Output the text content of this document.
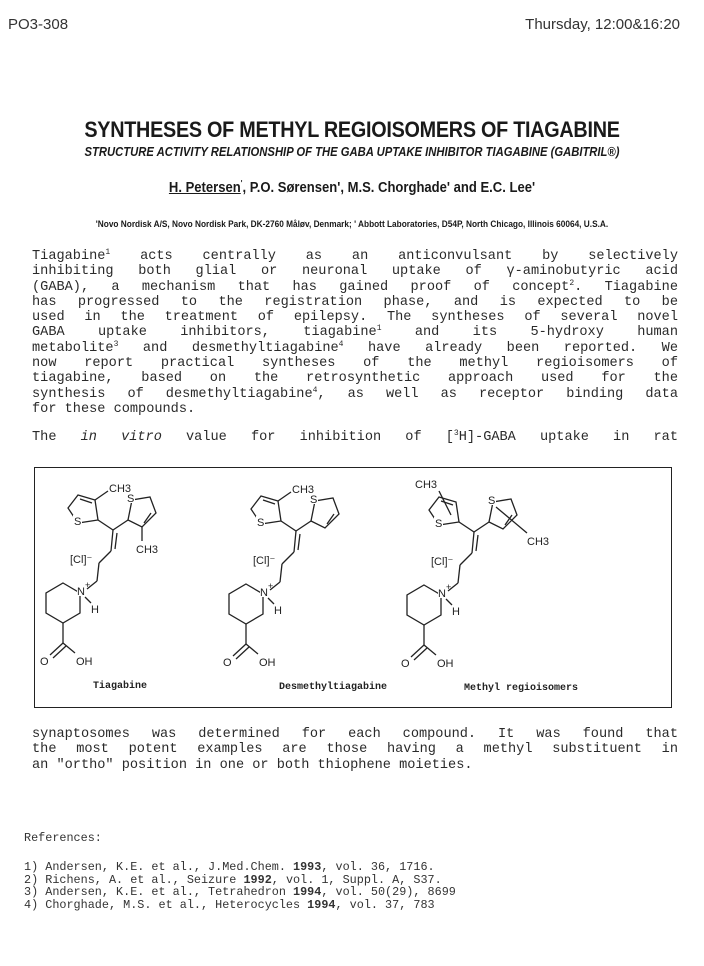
PO3-308	Thursday, 12:00&16:20
SYNTHESES OF METHYL REGIOISOMERS OF TIAGABINE
STRUCTURE ACTIVITY RELATIONSHIP OF THE GABA UPTAKE INHIBITOR TIAGABINE (GABITRIL®)
H. Petersen', P.O. Sørensen', M.S. Chorghade' and E.C. Lee'
'Novo Nordisk A/S, Novo Nordisk Park, DK-2760 Måløv, Denmark; ' Abbott Laboratories, D54P, North Chicago, Illinois 60064, U.S.A.
Tiagabine$^1$ acts centrally as an anticonvulsant by selectively
inhibiting both glial or neuronal uptake of γ-aminobutyric acid
(GABA), a mechanism that has gained proof of concept$^2$. Tiagabine
has progressed to the registration phase, and is expected to be
used in the treatment of epilepsy. The syntheses of several novel
GABA uptake inhibitors, tiagabine$^1$ and its 5-hydroxy human
metabolite$^3$ and desmethyltiagabine$^4$ have already been reported. We
now report practical syntheses of the methyl regioisomers of
tiagabine, based on the retrosynthetic approach used for the
synthesis of desmethyltiagabine$^4$, as well as receptor binding data
for these compounds.
The in vitro value for inhibition of [$^3$H]-GABA uptake in rat
N
+
H
O OH
[Cl]⁻
S
S
CH3
CH3
Tiagabine
N
+
H
O OH
[Cl]⁻
S
S
CH3
Desmethyltiagabine
N
+
H
O OH
[Cl]⁻
S
S
CH3
CH3
Methyl regioisomers
synaptosomes was determined for each compound. It was found that
the most potent examples are those having a methyl substituent in
an "ortho" position in one or both thiophene moieties.
References:
1) Andersen, K.E. et al., J.Med.Chem. 1993, vol. 36, 1716.
2) Richens, A. et al., Seizure 1992, vol. 1, Suppl. A, S37.
3) Andersen, K.E. et al., Tetrahedron 1994, vol. 50(29), 8699
4) Chorghade, M.S. et al., Heterocycles 1994, vol. 37, 783
